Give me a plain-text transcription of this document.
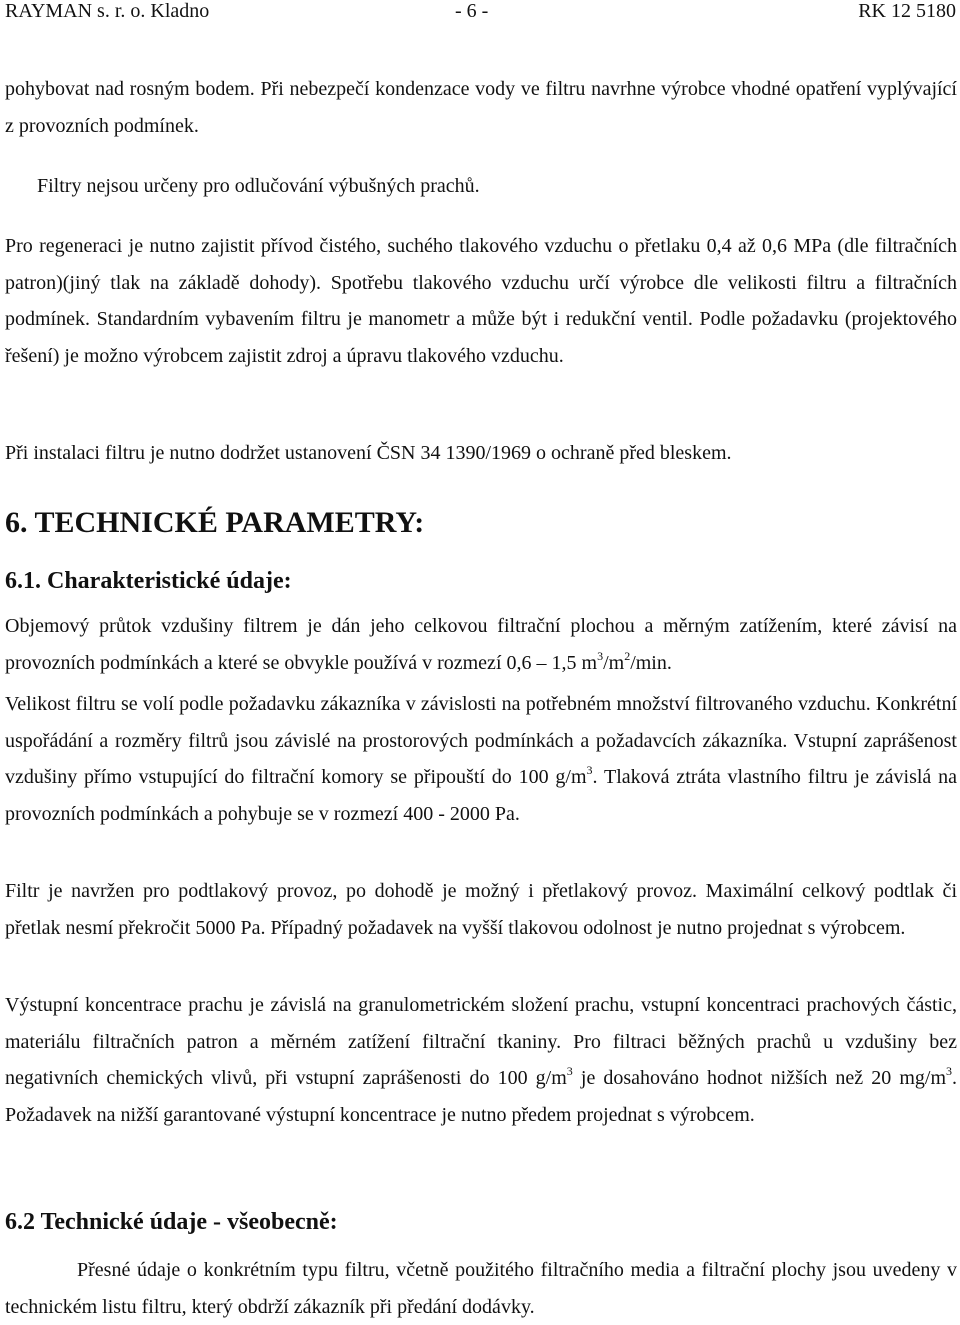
RAYMAN s. r. o. Kladno	- 6 -	RK 12 5180

pohybovat nad rosným bodem. Při nebezpečí kondenzace vody ve filtru navrhne výrobce vhodné opatření vyplývající z provozních podmínek.

Filtry nejsou určeny pro odlučování výbušných prachů.

Pro regeneraci je nutno zajistit přívod čistého, suchého tlakového vzduchu o přetlaku 0,4 až 0,6 MPa (dle filtračních patron)(jiný tlak na základě dohody). Spotřebu tlakového vzduchu určí výrobce dle velikosti filtru a filtračních podmínek. Standardním vybavením filtru je manometr a může být i redukční ventil. Podle požadavku (projektového řešení) je možno výrobcem zajistit zdroj a úpravu tlakového vzduchu.

Při instalaci filtru je nutno dodržet ustanovení ČSN 34 1390/1969 o ochraně před bleskem.

6. TECHNICKÉ PARAMETRY:
6.1. Charakteristické údaje:

Objemový průtok vzdušiny filtrem je dán jeho celkovou filtrační plochou a měrným zatížením, které závisí na provozních podmínkách a které se obvykle používá v rozmezí 0,6 – 1,5 $m^3/m^2/\min$.

Velikost filtru se volí podle požadavku zákazníka v závislosti na potřebném množství filtrovaného vzduchu. Konkrétní uspořádání a rozměry filtrů jsou závislé na prostorových podmínkách a požadavcích zákazníka. Vstupní zaprášenost vzdušiny přímo vstupující do filtrační komory se připouští do 100 $g/m^3$. Tlaková ztráta vlastního filtru je závislá na provozních podmínkách a pohybuje se v rozmezí 400 - 2000 Pa.

Filtr je navržen pro podtlakový provoz, po dohodě je možný i přetlakový provoz. Maximální celkový podtlak či přetlak nesmí překročit 5000 Pa. Případný požadavek na vyšší tlakovou odolnost je nutno projednat s výrobcem.

Výstupní koncentrace prachu je závislá na granulometrickém složení prachu, vstupní koncentraci prachových částic, materiálu filtračních patron a měrném zatížení filtrační tkaniny. Pro filtraci běžných prachů u vzdušiny bez negativních chemických vlivů, při vstupní zaprášenosti do 100 $g/m^3$ je dosahováno hodnot nižších než 20 $mg/m^3$. Požadavek na nižší garantované výstupní koncentrace je nutno předem projednat s výrobcem.

6.2 Technické údaje - všeobecně:

Přesné údaje o konkrétním typu filtru, včetně použitého filtračního media a filtrační plochy jsou uvedeny v technickém listu filtru, který obdrží zákazník při předání dodávky.
